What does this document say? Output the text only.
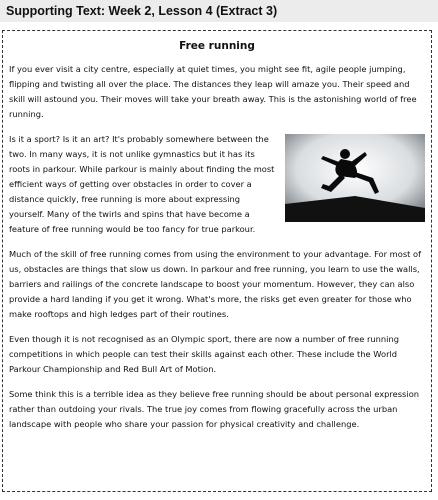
Supporting Text: Week 2, Lesson 4 (Extract 3)
Free running

If you ever visit a city centre, especially at quiet times, you might see fit, agile people jumping, flipping and twisting all over the place. The distances they leap will amaze you. Their speed and skill will astound you. Their moves will take your breath away. This is the astonishing world of free running.

Is it a sport? Is it an art? It's probably somewhere between the two. In many ways, it is not unlike gymnastics but it has its roots in parkour. While parkour is mainly about finding the most efficient ways of getting over obstacles in order to cover a distance quickly, free running is more about expressing yourself. Many of the twirls and spins that have become a feature of free running would be too fancy for true parkour.

Much of the skill of free running comes from using the environment to your advantage. For most of us, obstacles are things that slow us down. In parkour and free running, you learn to use the walls, barriers and railings of the concrete landscape to boost your momentum. However, they can also provide a hard landing if you get it wrong. What's more, the risks get even greater for those who make rooftops and high ledges part of their routines.

Even though it is not recognised as an Olympic sport, there are now a number of free running competitions in which people can test their skills against each other. These include the World Parkour Championship and Red Bull Art of Motion.

Some think this is a terrible idea as they believe free running should be about personal expression rather than outdoing your rivals. The true joy comes from flowing gracefully across the urban landscape with people who share your passion for physical creativity and challenge.
